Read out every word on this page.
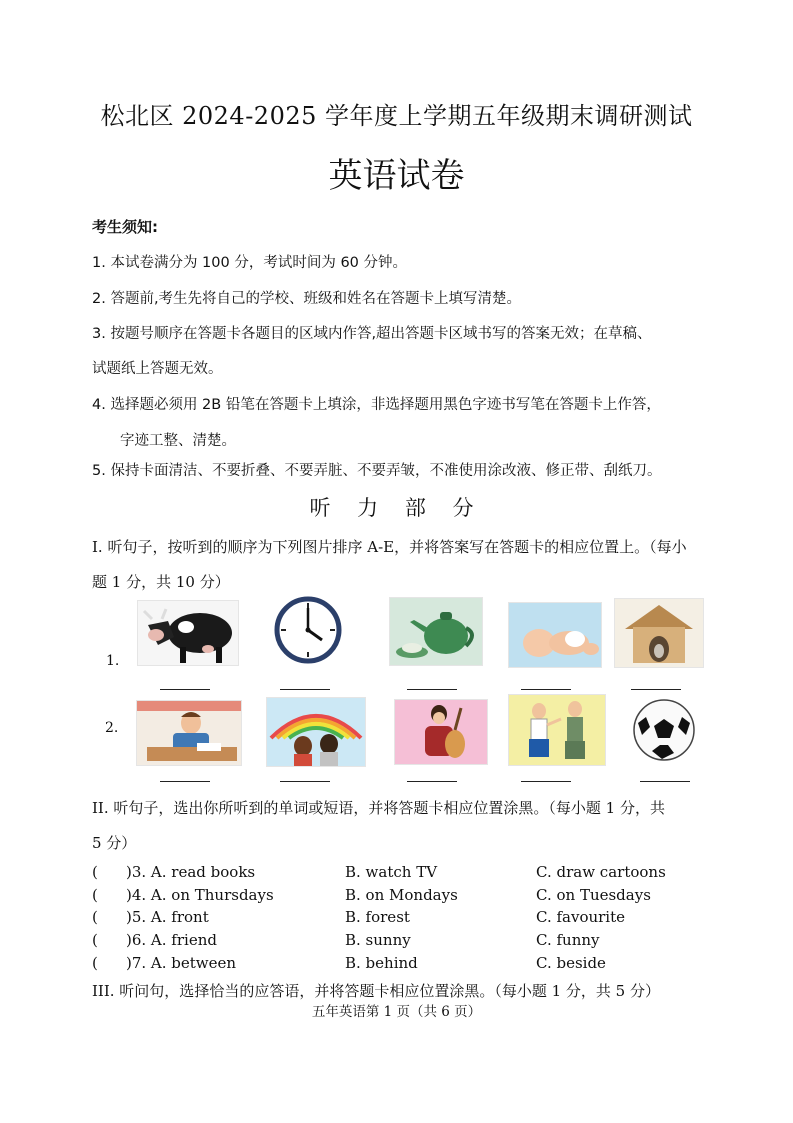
松北区 2024-2025 学年度上学期五年级期末调研测试
英语试卷
考生须知:
1. 本试卷满分为 100 分，考试时间为 60 分钟。
2. 答题前,考生先将自己的学校、班级和姓名在答题卡上填写清楚。
3. 按题号顺序在答题卡各题目的区域内作答,超出答题卡区域书写的答案无效；在草稿、
试题纸上答题无效。
4. 选择题必须用 2B 铅笔在答题卡上填涂，非选择题用黑色字迹书写笔在答题卡上作答，
字迹工整、清楚。
5. 保持卡面清洁、不要折叠、不要弄脏、不要弄皱，不准使用涂改液、修正带、刮纸刀。
听 力 部 分
I. 听句子，按听到的顺序为下列图片排序 A-E，并将答案写在答题卡的相应位置上。（每小
题 1 分，共 10 分）
1.
2.
II. 听句子，选出你所听到的单词或短语，并将答题卡相应位置涂黑。（每小题 1 分，共
5 分）
( )3. A. read books	B. watch TV	C. draw cartoons
( )4. A. on Thursdays	B. on Mondays	C. on Tuesdays
( )5. A. front	B. forest	C. favourite
( )6. A. friend	B. sunny	C. funny
( )7. A. between	B. behind	C. beside
III. 听问句，选择恰当的应答语，并将答题卡相应位置涂黑。（每小题 1 分，共 5 分）
五年英语第 1 页（共 6 页）
